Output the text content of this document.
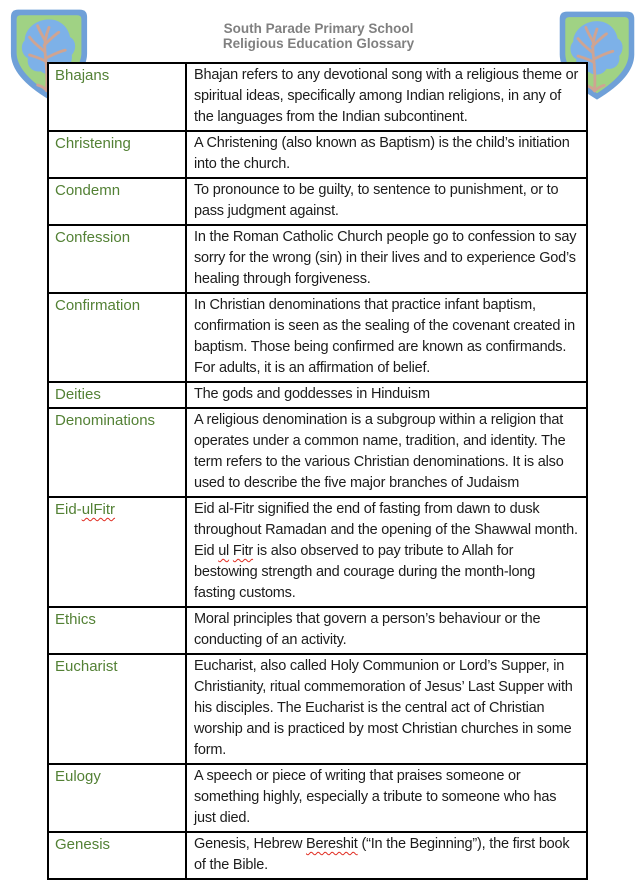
South Parade Primary School
Religious Education Glossary
Bhajans	Bhajan refers to any devotional song with a religious theme or spiritual ideas, specifically among Indian religions, in any of the languages from the Indian subcontinent.
Christening	A Christening (also known as Baptism) is the child’s initiation into the church.
Condemn	To pronounce to be guilty, to sentence to punishment, or to pass judgment against.
Confession	In the Roman Catholic Church people go to confession to say sorry for the wrong (sin) in their lives and to experience God’s healing through forgiveness.
Confirmation	In Christian denominations that practice infant baptism, confirmation is seen as the sealing of the covenant created in baptism. Those being confirmed are known as confirmands. For adults, it is an affirmation of belief.
Deities	The gods and goddesses in Hinduism
Denominations	A religious denomination is a subgroup within a religion that operates under a common name, tradition, and identity. The term refers to the various Christian denominations. It is also used to describe the five major branches of Judaism
Eid-ulFitr	Eid al-Fitr signified the end of fasting from dawn to dusk throughout Ramadan and the opening of the Shawwal month. Eid ul Fitr is also observed to pay tribute to Allah for bestowing strength and courage during the month-long fasting customs.
Ethics	Moral principles that govern a person’s behaviour or the conducting of an activity.
Eucharist	Eucharist, also called Holy Communion or Lord’s Supper, in Christianity, ritual commemoration of Jesus’ Last Supper with his disciples. The Eucharist is the central act of Christian worship and is practiced by most Christian churches in some form.
Eulogy	A speech or piece of writing that praises someone or something highly, especially a tribute to someone who has just died.
Genesis	Genesis, Hebrew Bereshit (“In the Beginning”), the first book of the Bible.
